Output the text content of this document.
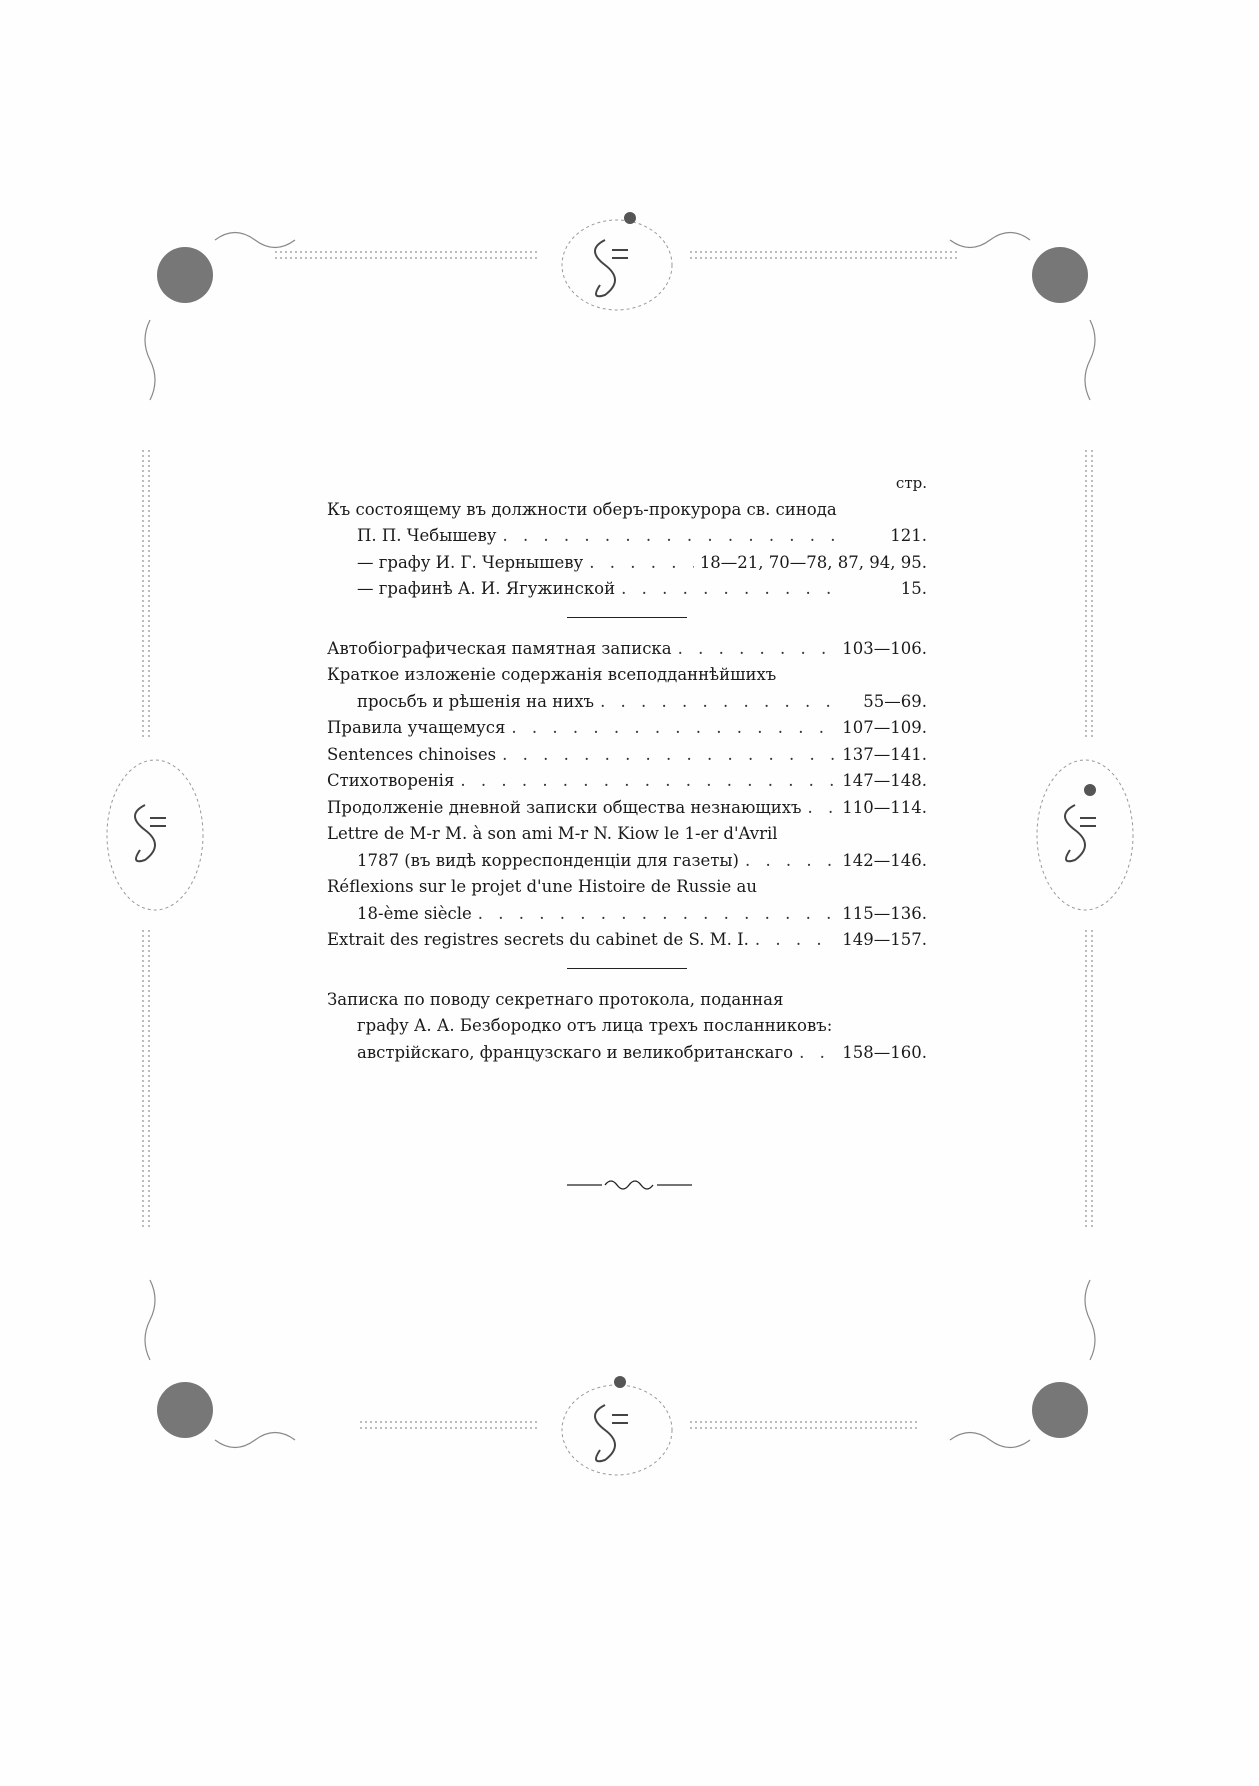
стр.
Къ состоящему въ должности оберъ-прокурора св. синода
П. П. Чебышеву . . .	121.
— графу И. Г. Чернышеву . . .	18—21, 70—78, 87, 94, 95.
— графинѣ А. И. Ягужинской . . .	15.
Автобіографическая памятная записка . . .	103—106.
Краткое изложеніе содержанія всеподданнѣйшихъ
просьбъ и рѣшенія на нихъ . . .	55—69.
Правила учащемуся . . .	107—109.
Sentences chinoises . . .	137—141.
Стихотворенія . . .	147—148.
Продолженіе дневной записки общества незнающихъ . . . 110—114.
Lettre de M-r M. à son ami M-r N. Kiow le 1-er d'Avril
1787 (въ видѣ корреспонденціи для газеты) . . .	142—146.
Réflexions sur le projet d'une Histoire de Russie au
18-ème siècle . . .	115—136.
Extrait des registres secrets du cabinet de S. M. I. . . .	149—157.
Записка по поводу секретнаго протокола, поданная
графу А. А. Безбородко отъ лица трехъ посланниковъ:
австрійскаго, французскаго и великобританскаго . . .	158—160.
